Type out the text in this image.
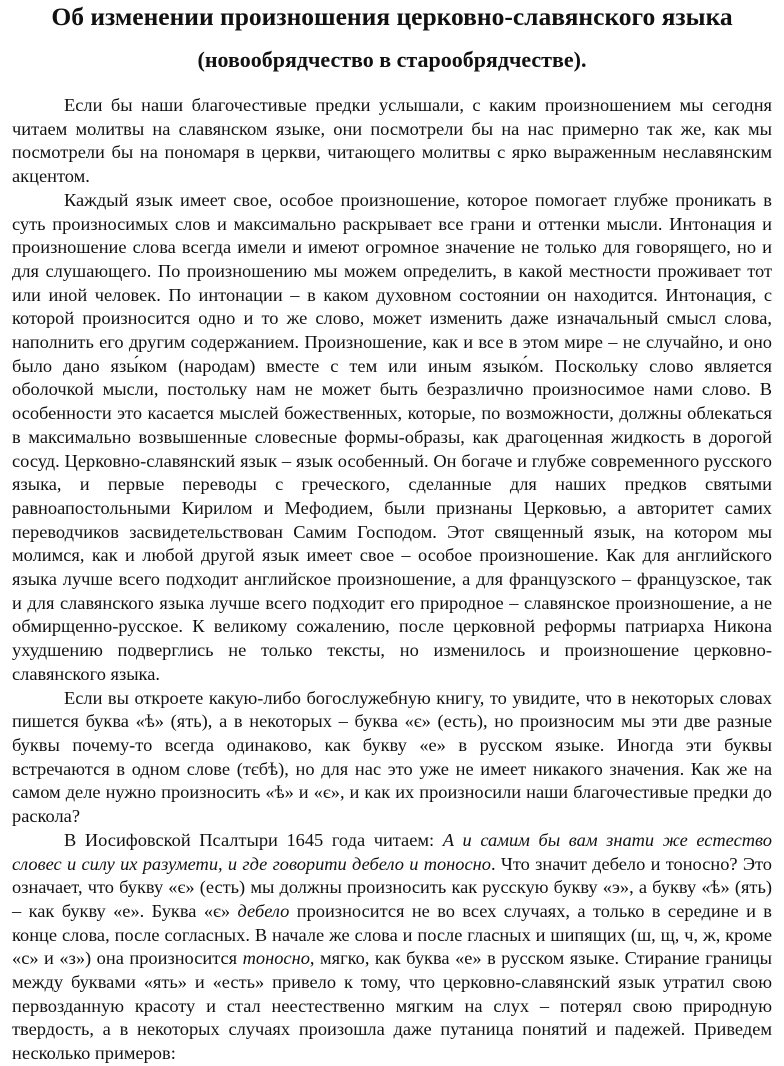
Об изменении произношения церковно-славянского языка
(новообрядчество в старообрядчестве).

Если бы наши благочестивые предки услышали, с каким произношением мы сегодня читаем молитвы на славянском языке, они посмотрели бы на нас примерно так же, как мы посмотрели бы на пономаря в церкви, читающего молитвы с ярко выраженным неславянским акцентом.

Каждый язык имеет свое, особое произношение, которое помогает глубже проникать в суть произносимых слов и максимально раскрывает все грани и оттенки мысли. Интонация и произношение слова всегда имели и имеют огромное значение не только для говорящего, но и для слушающего. По произношению мы можем определить, в какой местности проживает тот или иной человек. По интонации – в каком духовном состоянии он находится. Интонация, с которой произносится одно и то же слово, может изменить даже изначальный смысл слова, наполнить его другим содержанием. Произношение, как и все в этом мире – не случайно, и оно было дано язы́ком (народам) вместе с тем или иным языко́м. Поскольку слово является оболочкой мысли, постольку нам не может быть безразлично произносимое нами слово. В особенности это касается мыслей божественных, которые, по возможности, должны облекаться в максимально возвышенные словесные формы-образы, как драгоценная жидкость в дорогой сосуд. Церковно-славянский язык – язык особенный. Он богаче и глубже современного русского языка, и первые переводы с греческого, сделанные для наших предков святыми равноапостольными Кирилом и Мефодием, были признаны Церковью, а авторитет самих переводчиков засвидетельствован Самим Господом. Этот священный язык, на котором мы молимся, как и любой другой язык имеет свое – особое произношение. Как для английского языка лучше всего подходит английское произношение, а для французского – французское, так и для славянского языка лучше всего подходит его природное – славянское произношение, а не обмирщенно-русское. К великому сожалению, после церковной реформы патриарха Никона ухудшению подверглись не только тексты, но изменилось и произношение церковно-славянского языка.

Если вы откроете какую-либо богослужебную книгу, то увидите, что в некоторых словах пишется буква «ѣ» (ять), а в некоторых – буква «є» (есть), но произносим мы эти две разные буквы почему-то всегда одинаково, как букву «е» в русском языке. Иногда эти буквы встречаются в одном слове (тєбѣ), но для нас это уже не имеет никакого значения. Как же на самом деле нужно произносить «ѣ» и «є», и как их произносили наши благочестивые предки до раскола?

В Иосифовской Псалтыри 1645 года читаем: А и самим бы вам знати же естество словес и силу их разумети, и где говорити дебело и тоносно. Что значит дебело и тоносно? Это означает, что букву «є» (есть) мы должны произносить как русскую букву «э», а букву «ѣ» (ять) – как букву «е». Буква «є» дебело произносится не во всех случаях, а только в середине и в конце слова, после согласных. В начале же слова и после гласных и шипящих (ш, щ, ч, ж, кроме «с» и «з») она произносится тоносно, мягко, как буква «е» в русском языке. Стирание границы между буквами «ять» и «есть» привело к тому, что церковно-славянский язык утратил свою первозданную красоту и стал неестественно мягким на слух – потерял свою природную твердость, а в некоторых случаях произошла даже путаница понятий и падежей. Приведем несколько примеров:
